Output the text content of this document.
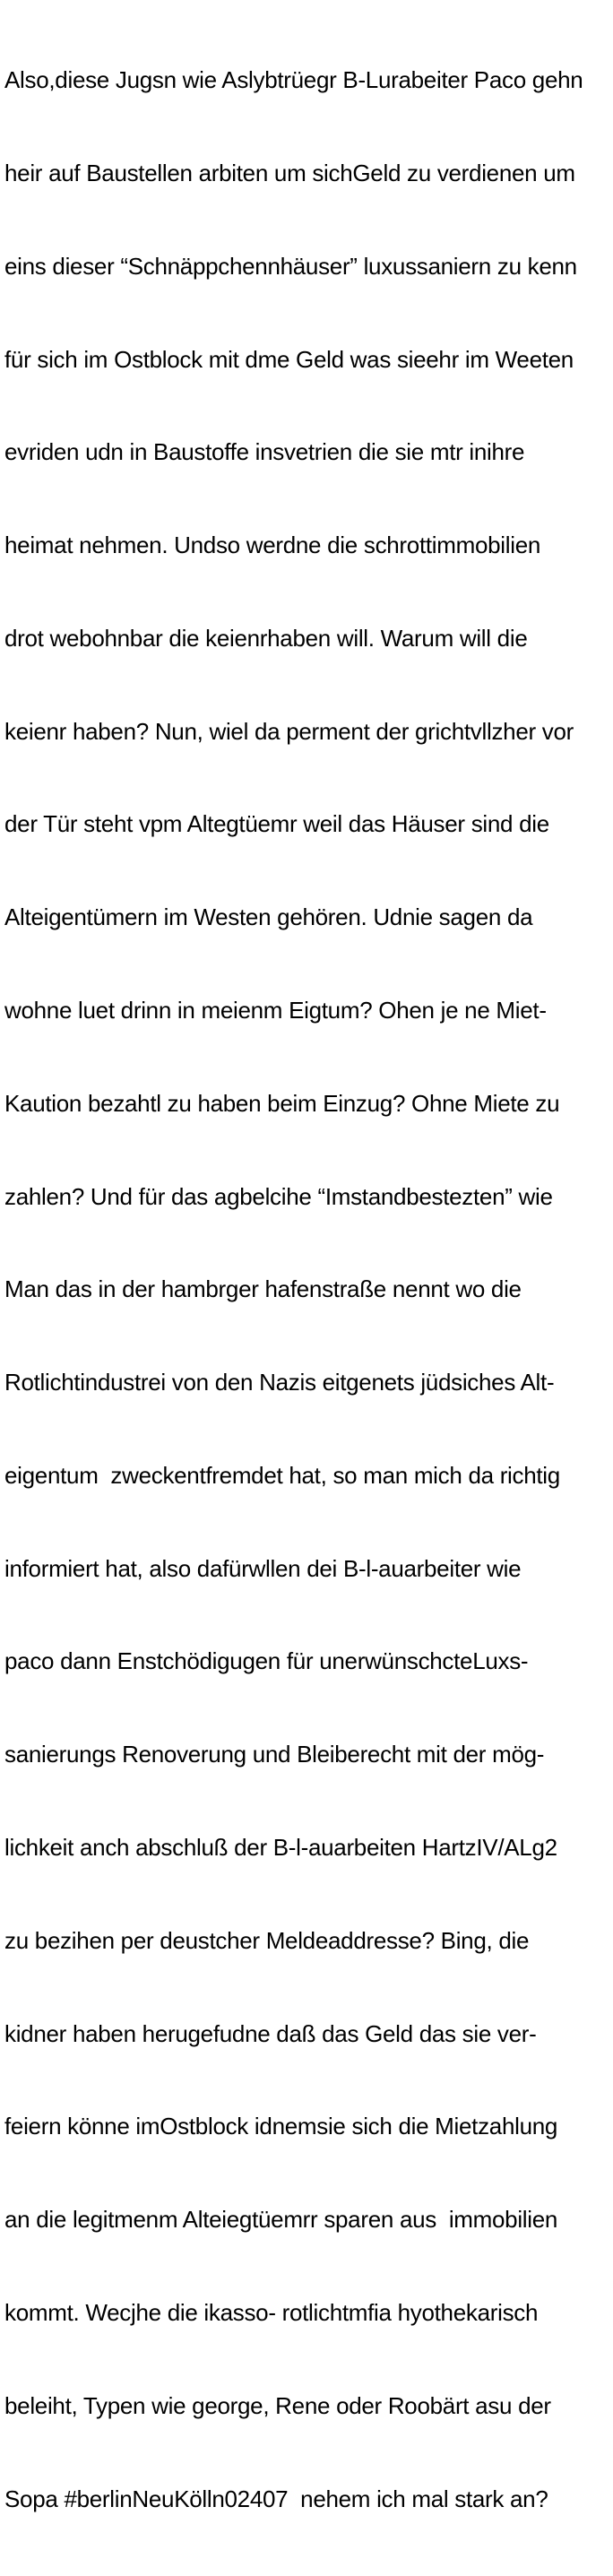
Also,diese Jugsn wie Aslybtrüegr B-Lurabeiter Paco gehn

heir auf Baustellen arbiten um sichGeld zu verdienen um

eins dieser “Schnäppchennhäuser” luxussaniern zu kenn

für sich im Ostblock mit dme Geld was sieehr im Weeten

evriden udn in Baustoffe insvetrien die sie mtr inihre

heimat nehmen. Undso werdne die schrottimmobilien

drot webohnbar die keienrhaben will. Warum will die

keienr haben? Nun, wiel da perment der grichtvllzher vor

der Tür steht vpm Altegtüemr weil das Häuser sind die

Alteigentümern im Westen gehören. Udnie sagen da

wohne luet drinn in meienm Eigtum? Ohen je ne Miet-

Kaution bezahtl zu haben beim Einzug? Ohne Miete zu

zahlen? Und für das agbelcihe “Imstandbestezten” wie

Man das in der hambrger hafenstraße nennt wo die

Rotlichtindustrei von den Nazis eitgenets jüdsiches Alt-

eigentum  zweckentfremdet hat, so man mich da richtig

informiert hat, also dafürwllen dei B-l-auarbeiter wie

paco dann Enstchödigugen für unerwünschcteLuxs-

sanierungs Renoverung und Bleiberecht mit der mög-

lichkeit anch abschluß der B-l-auarbeiten HartzIV/ALg2

zu bezihen per deustcher Meldeaddresse? Bing, die

kidner haben herugefudne daß das Geld das sie ver-

feiern könne imOstblock idnemsie sich die Mietzahlung

an die legitmenm Alteiegtüemrr sparen aus  immobilien

kommt. Wecjhe die ikasso- rotlichtmfia hyothekarisch

beleiht, Typen wie george, Rene oder Roobärt asu der

Sopa #berlinNeuKölln02407  nehem ich mal stark an?
